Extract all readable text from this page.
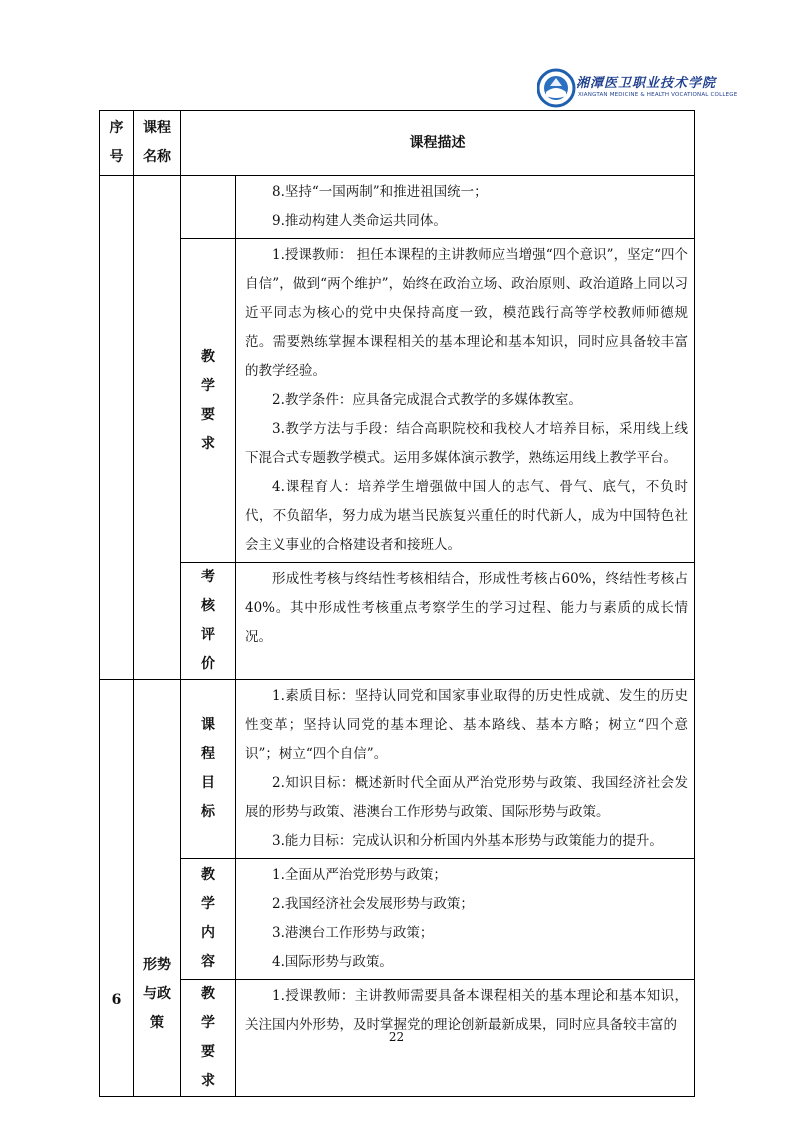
湘潭医卫职业技术学院
XIANGTAN MEDICINE & HEALTH VOCATIONAL COLLEGE
序号	课程名称	课程描述	

			8.坚持“一国两制”和推进祖国统一；

9.推动构建人类命运共同体。

		教学要求	1.授课教师： 担任本课程的主讲教师应当增强“四个意识”，坚定“四个自信”，做到“两个维护”，始终在政治立场、政治原则、政治道路上同以习近平同志为核心的党中央保持高度一致，模范践行高等学校教师师德规范。需要熟练掌握本课程相关的基本理论和基本知识，同时应具备较丰富的教学经验。

2.教学条件：应具备完成混合式教学的多媒体教室。

3.教学方法与手段：结合高职院校和我校人才培养目标，采用线上线下混合式专题教学模式。运用多媒体演示教学，熟练运用线上教学平台。

4.课程育人：培养学生增强做中国人的志气、骨气、底气，不负时代，不负韶华，努力成为堪当民族复兴重任的时代新人，成为中国特色社会主义事业的合格建设者和接班人。

		考核评价	形成性考核与终结性考核相结合，形成性考核占60%，终结性考核占40%。其中形成性考核重点考察学生的学习过程、能力与素质的成长情况。

6	形势与政策	课程目标	1.素质目标：坚持认同党和国家事业取得的历史性成就、发生的历史性变革；坚持认同党的基本理论、基本路线、基本方略；树立“四个意识”；树立“四个自信”。

2.知识目标：概述新时代全面从严治党形势与政策、我国经济社会发展的形势与政策、港澳台工作形势与政策、国际形势与政策。

3.能力目标：完成认识和分析国内外基本形势与政策能力的提升。

		教学内容	1.全面从严治党形势与政策；

2.我国经济社会发展形势与政策；

3.港澳台工作形势与政策；

4.国际形势与政策。

		教学要求	1.授课教师：主讲教师需要具备本课程相关的基本理论和基本知识，关注国内外形势，及时掌握党的理论创新最新成果，同时应具备较丰富的

22
